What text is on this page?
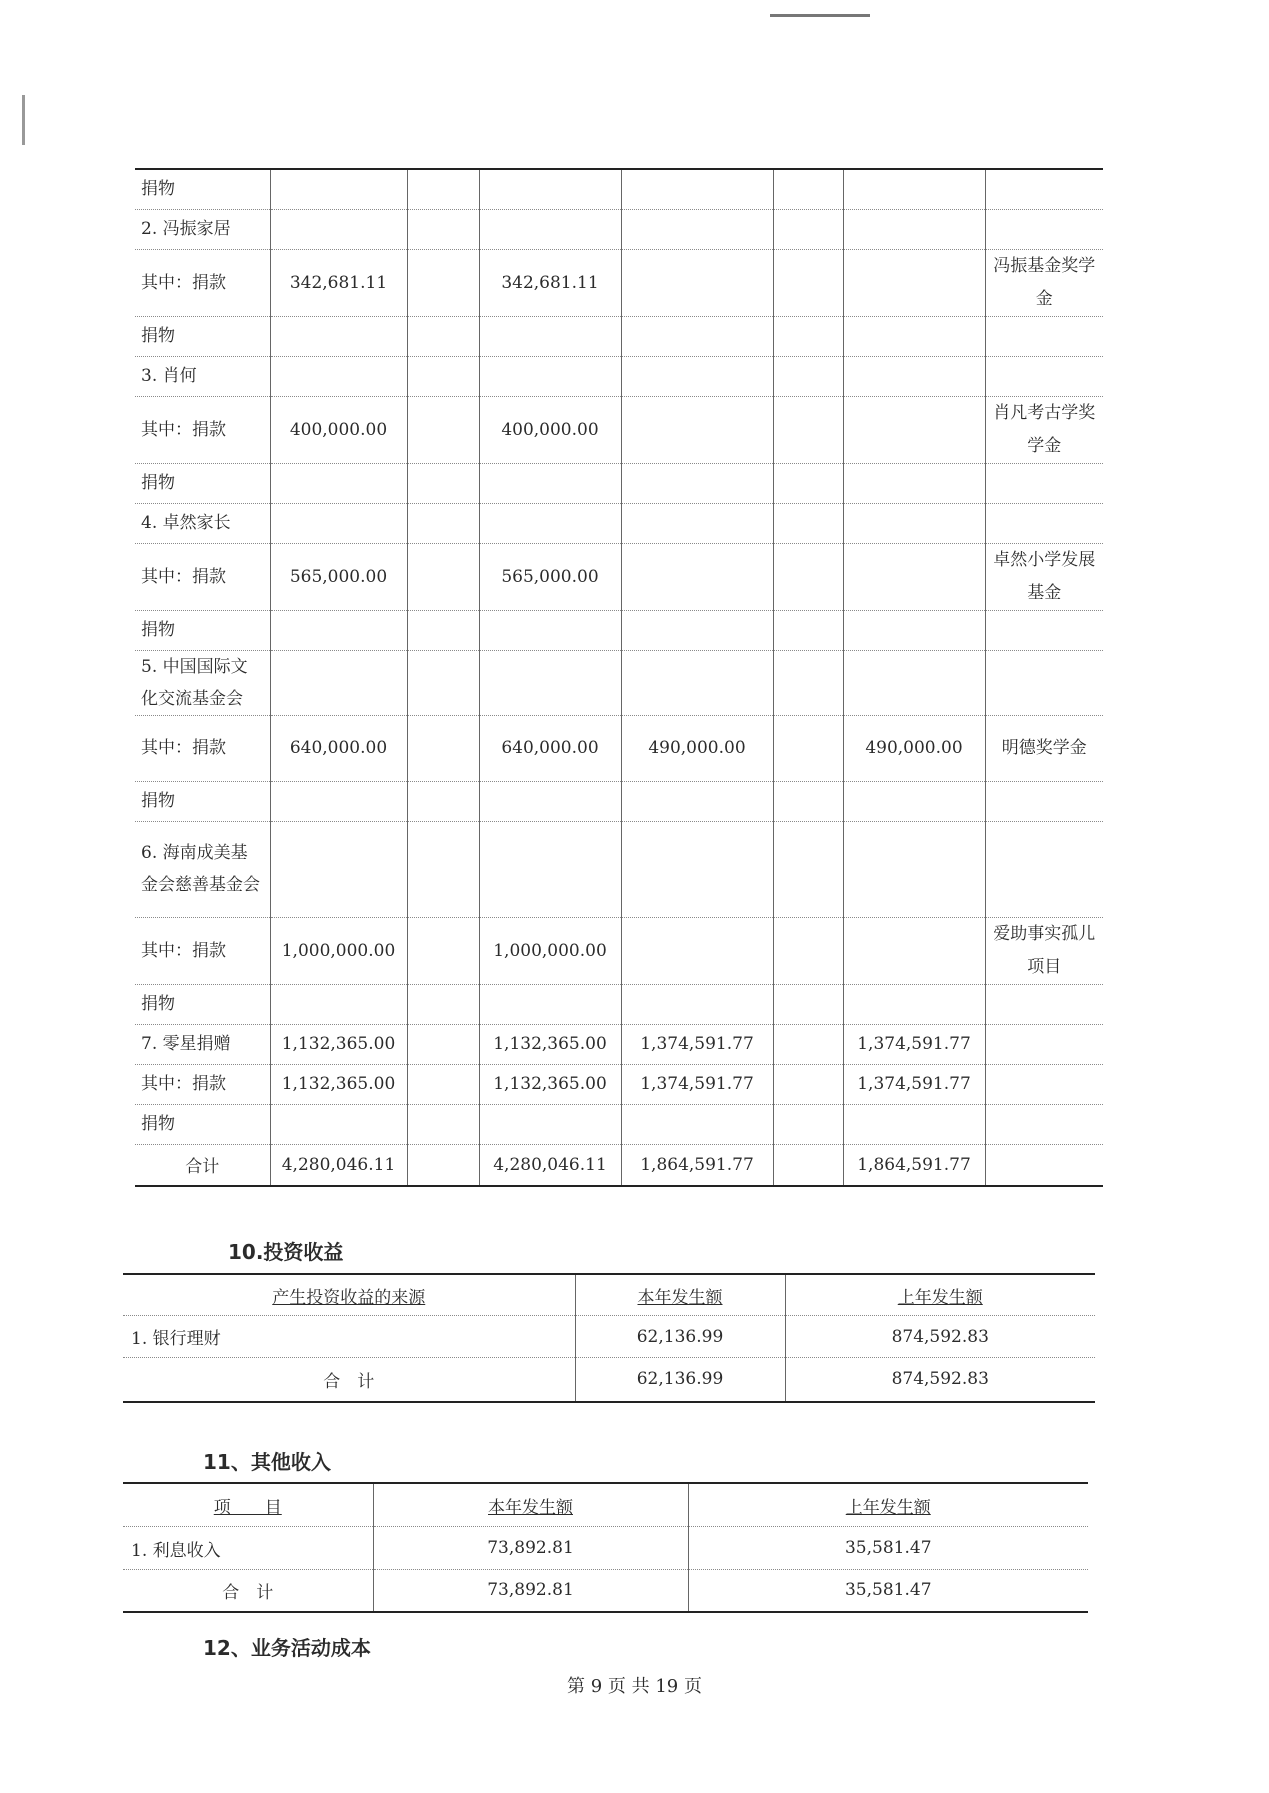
捐物							
2. 冯振家居							
其中：捐款	342,681.11		342,681.11				冯振基金奖学金
捐物							
3. 肖何							
其中：捐款	400,000.00		400,000.00				肖凡考古学奖学金
捐物							
4. 卓然家长							
其中：捐款	565,000.00		565,000.00				卓然小学发展基金
捐物							
5. 中国国际文化交流基金会							
其中：捐款	640,000.00		640,000.00	490,000.00		490,000.00	明德奖学金
捐物							
6. 海南成美基金会慈善基金会							
其中：捐款	1,000,000.00		1,000,000.00				爱助事实孤儿项目
捐物							
7. 零星捐赠	1,132,365.00		1,132,365.00	1,374,591.77		1,374,591.77	
其中：捐款	1,132,365.00		1,132,365.00	1,374,591.77		1,374,591.77	
捐物							
合计	4,280,046.11		4,280,046.11	1,864,591.77		1,864,591.77	
10.投资收益
产生投资收益的来源	本年发生额	上年发生额
1. 银行理财	62,136.99	874,592.83
合　计	62,136.99	874,592.83
11、其他收入
项　　目	本年发生额	上年发生额
1. 利息收入	73,892.81	35,581.47
合　计	73,892.81	35,581.47
12、业务活动成本
第 9 页 共 19 页
